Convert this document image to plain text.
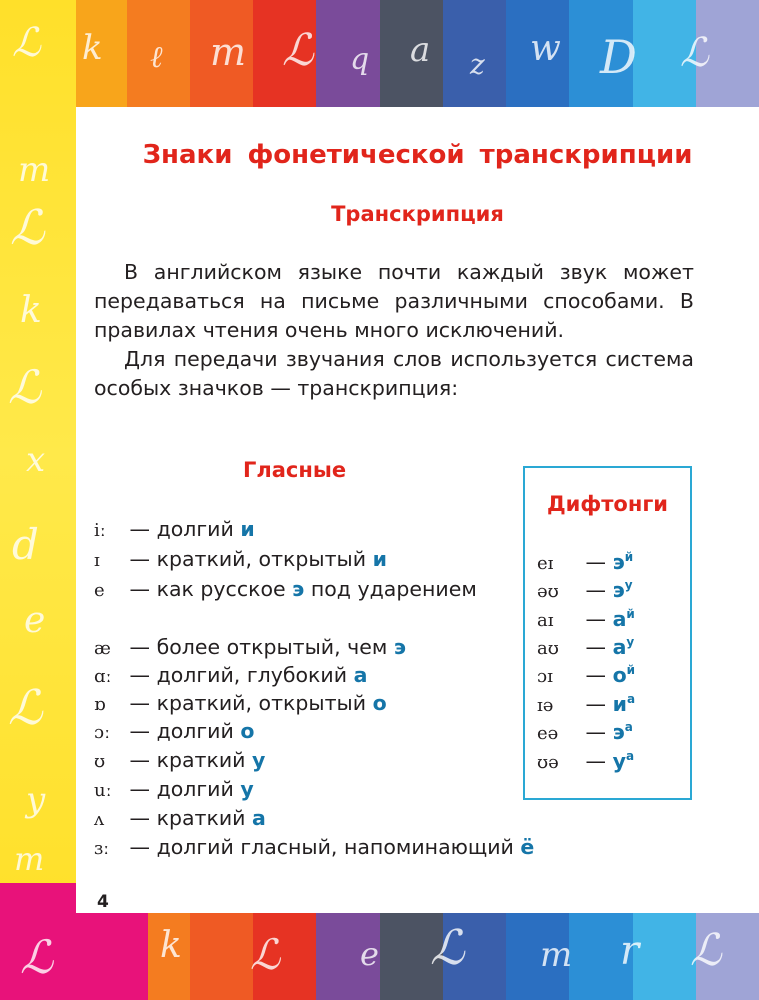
ℒ k ℓ m ℒ q a z w D ℒ
m
ℒ
k
ℒ
x
d
e
ℒ
y
m
ℒ	k ℒ e ℒ m r ℒ
Знаки фонетической транскрипции
Транскрипция

В английском языке почти каждый звук может передаваться на письме различными способами. В правилах чтения очень много исключений.

Для передачи звучания слов используется система особых значков — транскрипция:

Гласные
iː — долгий и
ɪ — краткий, открытый и
e — как русское э под ударением
æ — более открытый, чем э
ɑː — долгий, глубокий а
ɒ — краткий, открытый о
ɔː — долгий о
ʊ — краткий у
uː — долгий у
ʌ — краткий а
ɜː — долгий гласный, напоминающий ё
Дифтонги
eɪ — $э^й$
əʊ — $э^у$
aɪ — $а^й$
aʊ — $а^у$
ɔɪ — $о^й$
ɪə — $и^а$
eə — $э^а$
ʊə — $у^а$
4
